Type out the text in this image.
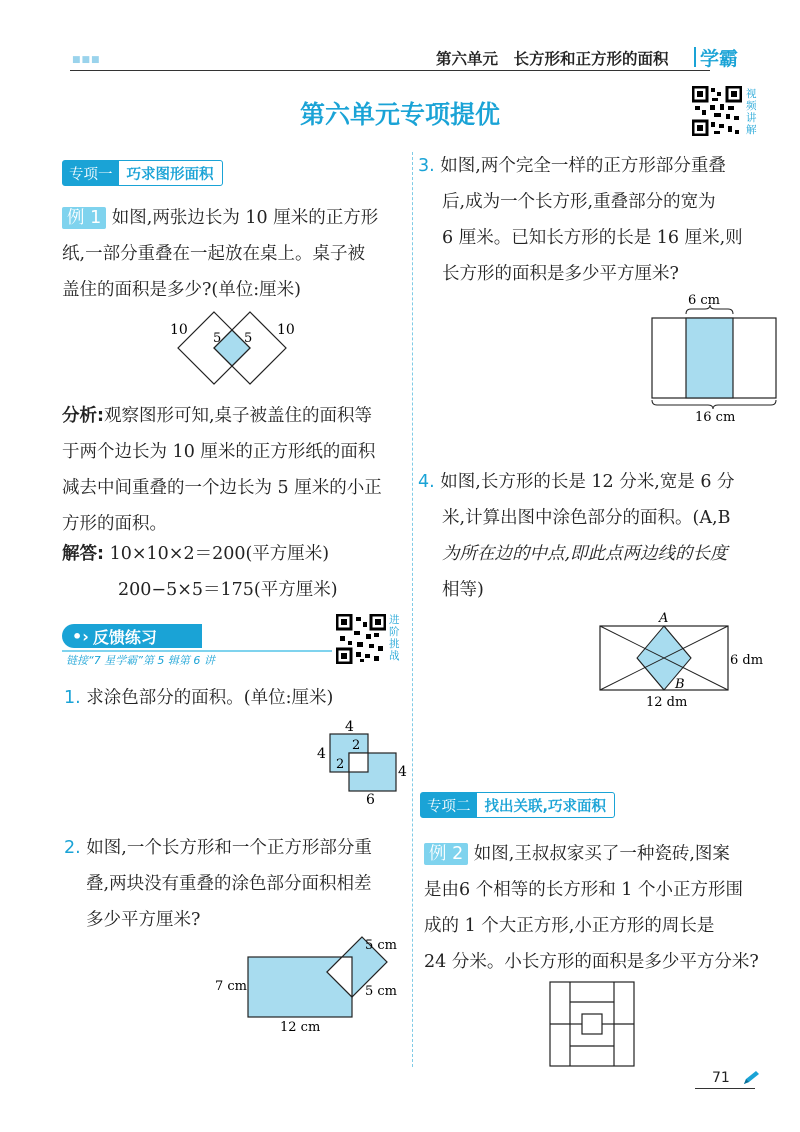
■■■	第六单元　长方形和正方形的面积 学霸
第六单元专项提优
视频讲解
专项一 巧求图形面积
例 1 如图,两张边长为 10 厘米的正方形
纸,一部分重叠在一起放在桌上。桌子被
盖住的面积是多少?(单位:厘米)
10
5 5
10
分析:观察图形可知,桌子被盖住的面积等
于两个边长为 10 厘米的正方形纸的面积
减去中间重叠的一个边长为 5 厘米的小正
方形的面积。
解答: 10×10×2＝200(平方厘米)
200−5×5＝175(平方厘米)
•› 反馈练习
链接“7 星学霸”第 5 辑第 6 讲
进阶挑战
1. 求涂色部分的面积。(单位:厘米)
4
4
2
2	4
6
2. 如图,一个长方形和一个正方形部分重
叠,两块没有重叠的涂色部分面积相差
多少平方厘米?
5 cm
5 cm
7 cm
12 cm
3. 如图,两个完全一样的正方形部分重叠
后,成为一个长方形,重叠部分的宽为
6 厘米。已知长方形的长是 16 厘米,则
长方形的面积是多少平方厘米?
6 cm
16 cm
4. 如图,长方形的长是 12 分米,宽是 6 分
米,计算出图中涂色部分的面积。(A,B
为所在边的中点,即此点两边线的长度
相等)
A
B
6 dm
12 dm
专项二 找出关联,巧求面积
例 2 如图,王叔叔家买了一种瓷砖,图案
是由6 个相等的长方形和 1 个小正方形围
成的 1 个大正方形,小正方形的周长是
24 分米。小长方形的面积是多少平方分米?
71
